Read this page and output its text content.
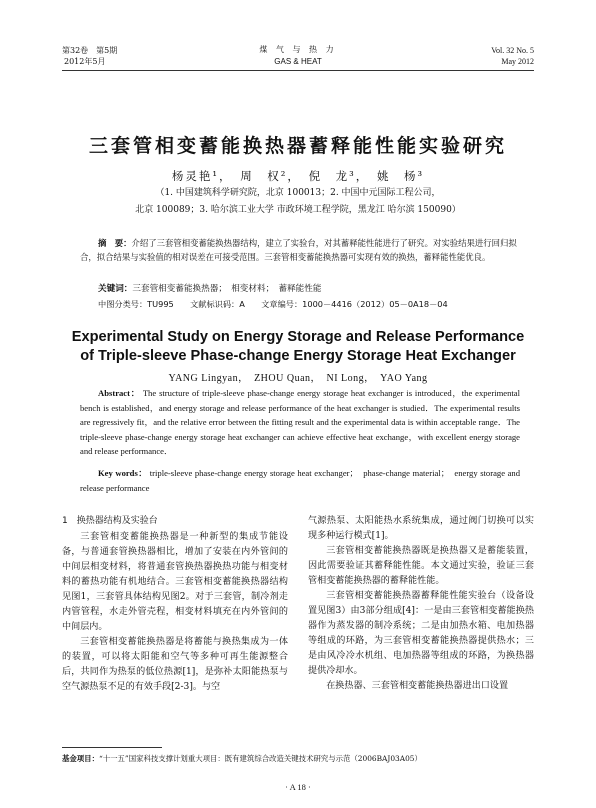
第32卷　第5期
2012年5月
煤 气 与 热 力
GAS & HEAT
Vol. 32 No. 5
May 2012
三套管相变蓄能换热器蓄释能性能实验研究
杨灵艳¹，　周　权²，　倪　龙³，　姚　杨³
（1. 中国建筑科学研究院，北京 100013；2. 中国中元国际工程公司，
北京 100089；3. 哈尔滨工业大学 市政环境工程学院，黑龙江 哈尔滨 150090）
摘　要：介绍了三套管相变蓄能换热器结构，建立了实验台，对其蓄释能性能进行了研究。对实验结果进行回归拟合，拟合结果与实验值的相对误差在可接受范围。三套管相变蓄能换热器可实现有效的换热，蓄释能性能优良。
关键词：三套管相变蓄能换热器；　相变材料；　蓄释能性能
中图分类号：TU995　　文献标识码：A　　文章编号：1000－4416（2012）05－0A18－04
Experimental Study on Energy Storage and Release Performance
of Triple-sleeve Phase-change Energy Storage Heat Exchanger
YANG Lingyan，　ZHOU Quan，　NI Long，　YAO Yang
Abstract： The structure of triple-sleeve phase-change energy storage heat exchanger is introduced，the experimental bench is established，and energy storage and release performance of the heat exchanger is studied．The experimental results are regressively fit，and the relative error between the fitting result and the experimental data is within acceptable range．The triple-sleeve phase-change energy storage heat exchanger can achieve effective heat exchange，with excellent energy storage and release performance．
Key words： triple-sleeve phase-change energy storage heat exchanger；　phase-change material；　energy storage and release performance
1　换热器结构及实验台

三套管相变蓄能换热器是一种新型的集成节能设备，与普通套管换热器相比，增加了安装在内外管间的中间层相变材料，将普通套管换热器换热功能与相变材料的蓄热功能有机地结合。三套管相变蓄能换热器结构见图1，三套管具体结构见图2。对于三套管，制冷剂走内管管程，水走外管壳程，相变材料填充在内外管间的中间层内。

三套管相变蓄能换热器是将蓄能与换热集成为一体的装置，可以将太阳能和空气等多种可再生能源整合后，共同作为热泵的低位热源[1]，是弥补太阳能热泵与空气源热泵不足的有效手段[2-3]。与空

气源热泵、太阳能热水系统集成，通过阀门切换可以实现多种运行模式[1]。

三套管相变蓄能换热器既是换热器又是蓄能装置，因此需要验证其蓄释能性能。本文通过实验，验证三套管相变蓄能换热器的蓄释能性能。

三套管相变蓄能换热器蓄释能性能实验台（设备设置见图3）由3部分组成[4]：一是由三套管相变蓄能换热器作为蒸发器的制冷系统；二是由加热水箱、电加热器等组成的环路，为三套管相变蓄能换热器提供热水；三是由风冷冷水机组、电加热器等组成的环路，为换热器提供冷却水。

在换热器、三套管相变蓄能换热器进出口设置

基金项目：“十一五”国家科技支撑计划重大项目：既有建筑综合改造关键技术研究与示范（2006BAJ03A05）
· A 18 ·
